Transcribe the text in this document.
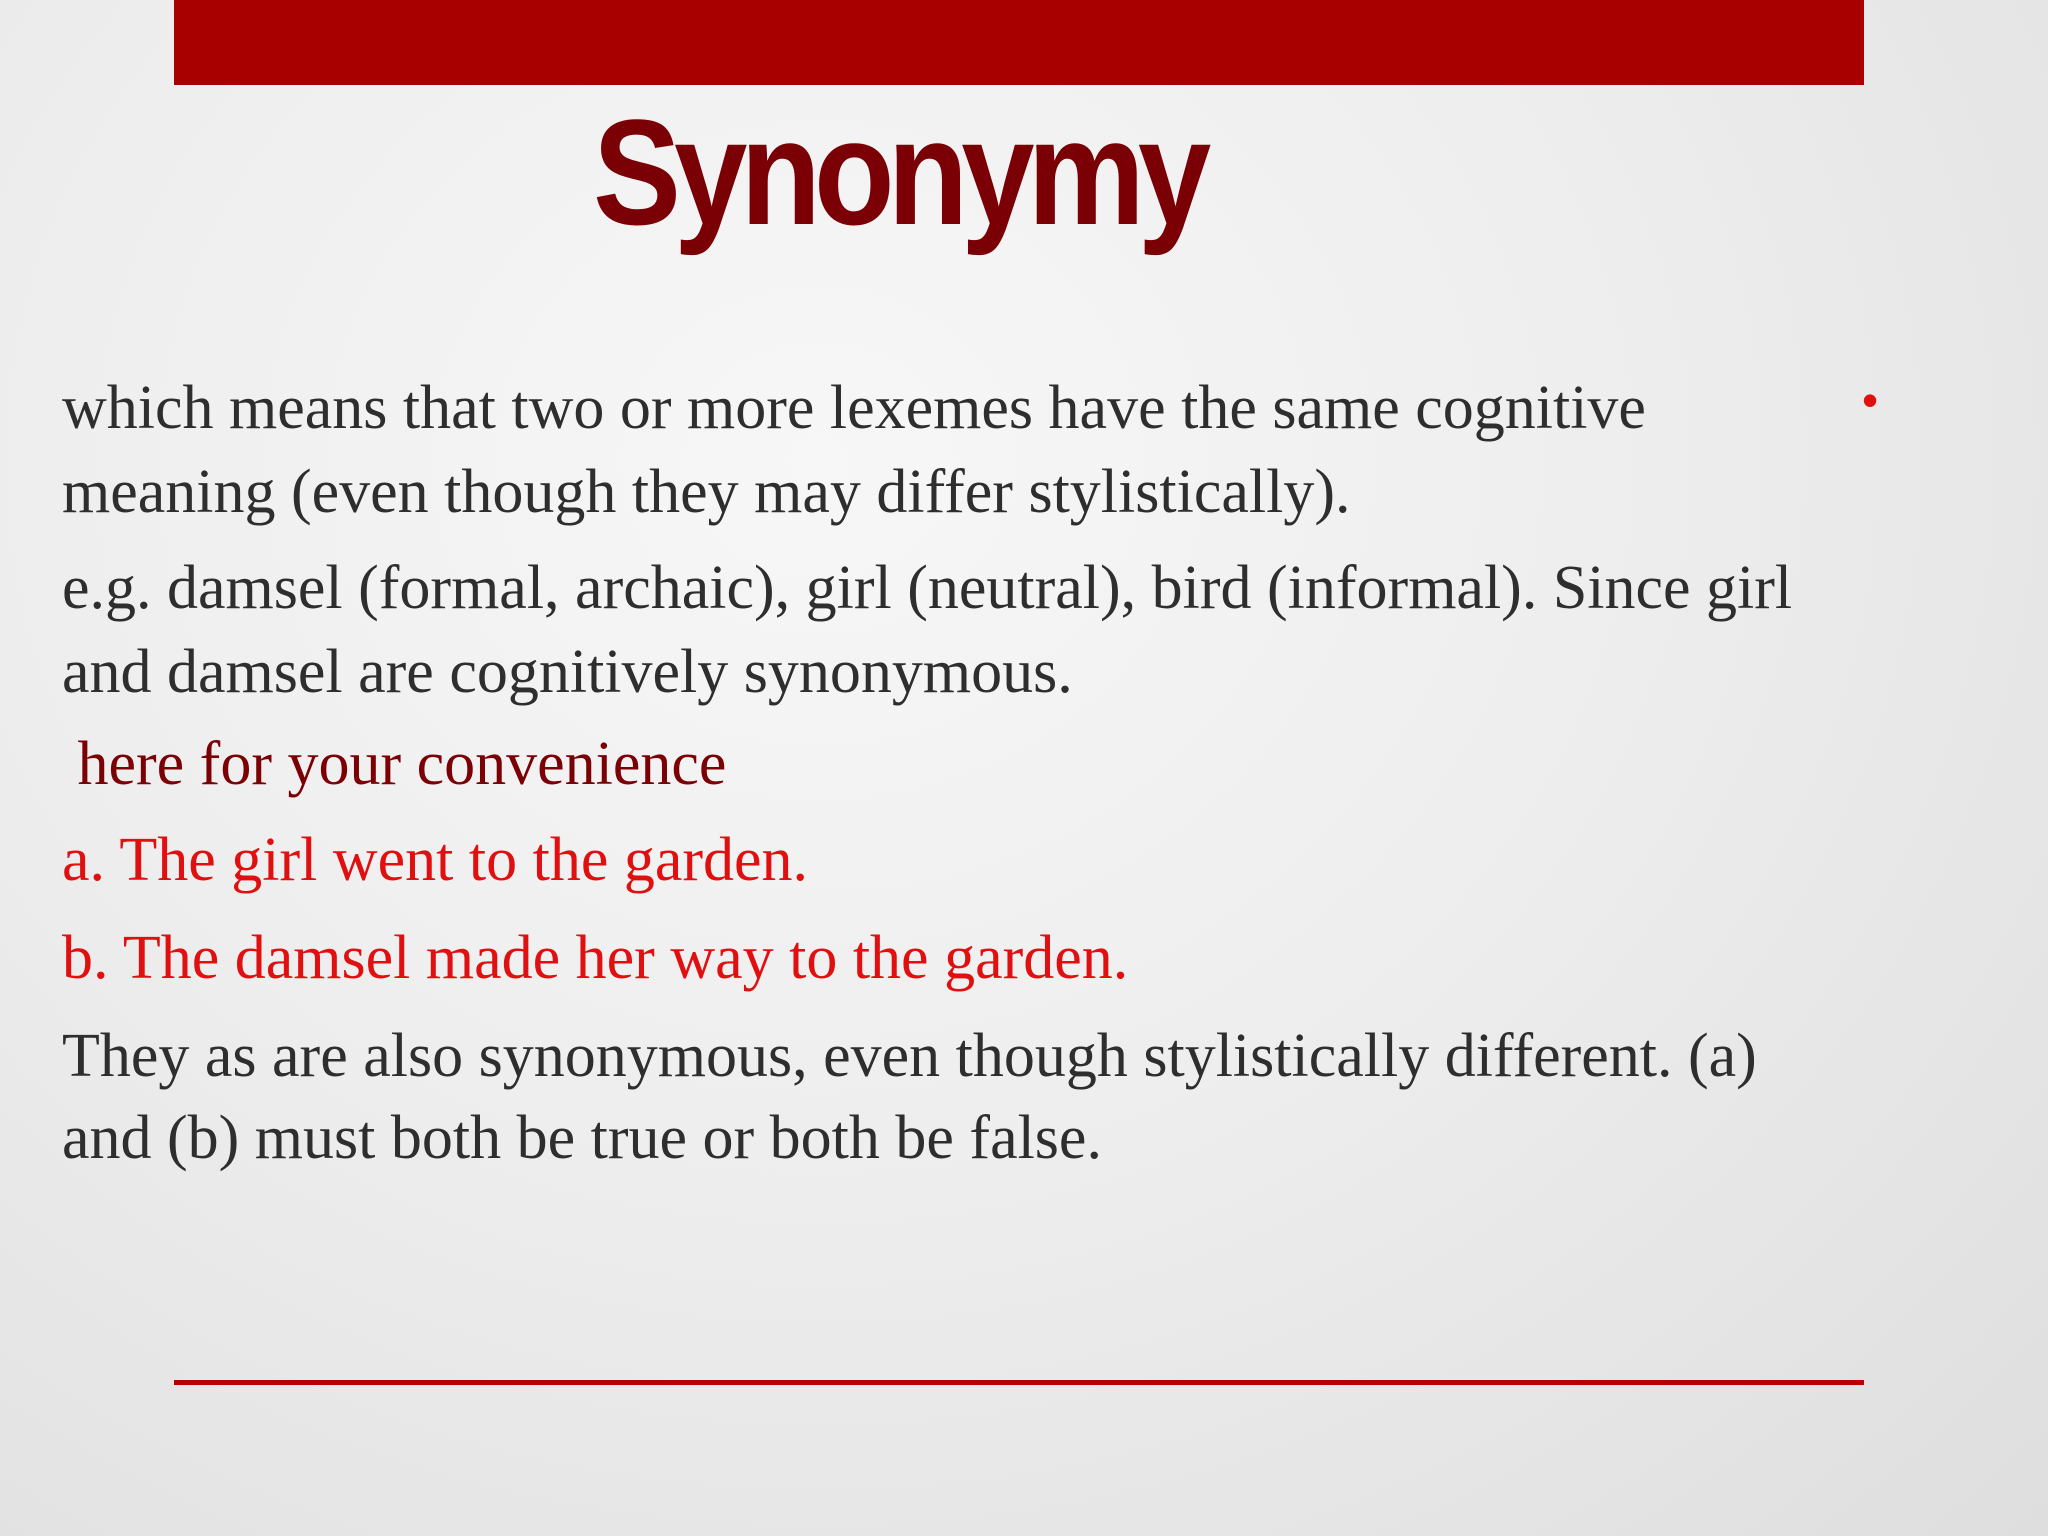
Synonymy
•

which means that two or more lexemes have the same cognitive

meaning (even though they may differ stylistically).

e.g. damsel (formal, archaic), girl (neutral), bird (informal). Since girl

and damsel are cognitively synonymous.

here for your convenience

a. The girl went to the garden.

b. The damsel made her way to the garden.

They as are also synonymous, even though stylistically different. (a)

and (b) must both be true or both be false.
